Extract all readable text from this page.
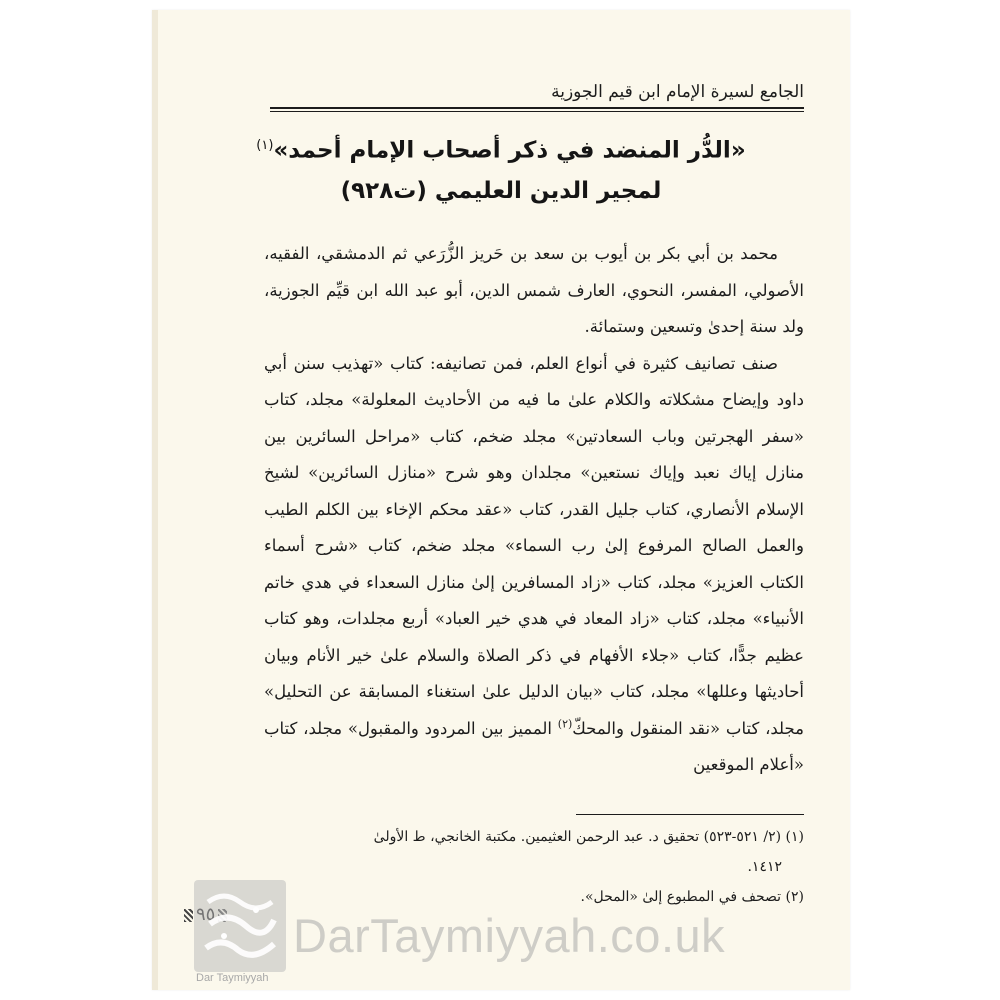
الجامع لسيرة الإمام ابن قيم الجوزية
«الدُّر المنضد في ذكر أصحاب الإمام أحمد»$^{(١)}$
لمجير الدين العليمي (ت٩٢٨)

محمد بن أبي بكر بن أيوب بن سعد بن حَريز الزُّرَعي ثم الدمشقي، الفقيه، الأصولي، المفسر، النحوي، العارف شمس الدين، أبو عبد الله ابن قيِّم الجوزية، ولد سنة إحدىٰ وتسعين وستمائة.

صنف تصانيف كثيرة في أنواع العلم، فمن تصانيفه: كتاب «تهذيب سنن أبي داود وإيضاح مشكلاته والكلام علىٰ ما فيه من الأحاديث المعلولة» مجلد، كتاب «سفر الهجرتين وباب السعادتين» مجلد ضخم، كتاب «مراحل السائرين بين منازل إياك نعبد وإياك نستعين» مجلدان وهو شرح «منازل السائرين» لشيخ الإسلام الأنصاري، كتاب جليل القدر، كتاب «عقد محكم الإخاء بين الكلم الطيب والعمل الصالح المرفوع إلىٰ رب السماء» مجلد ضخم، كتاب «شرح أسماء الكتاب العزيز» مجلد، كتاب «زاد المسافرين إلىٰ منازل السعداء في هدي خاتم الأنبياء» مجلد، كتاب «زاد المعاد في هدي خير العباد» أربع مجلدات، وهو كتاب عظيم جدًّا، كتاب «جلاء الأفهام في ذكر الصلاة والسلام علىٰ خير الأنام وبيان أحاديثها وعللها» مجلد، كتاب «بيان الدليل علىٰ استغناء المسابقة عن التحليل» مجلد، كتاب «نقد المنقول والمحكّ$^{(٢)}$ المميز بين المردود والمقبول» مجلد، كتاب «أعلام الموقعين

(١) (٢/ ٥٢١-٥٢٣) تحقيق د. عبد الرحمن العثيمين. مكتبة الخانجي، ط الأولىٰ
١٤١٢.
(٢) تصحف في المطبوع إلىٰ «المحل».
Dar Taymiyyah
DarTaymiyyah.co.uk
